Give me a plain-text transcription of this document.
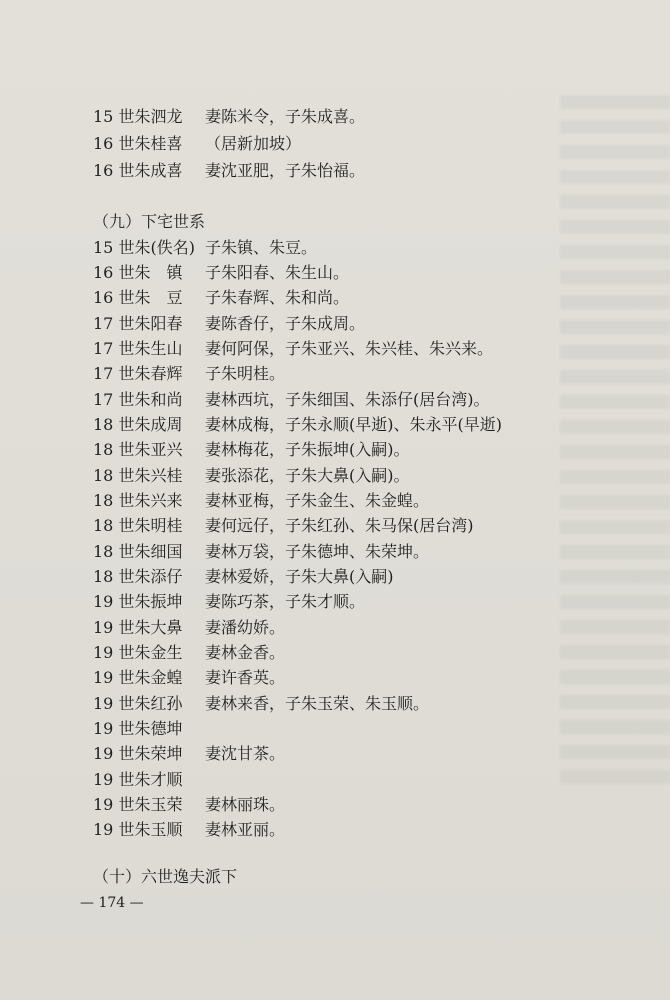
15 世朱泗龙 妻陈米令，子朱成喜。
16 世朱桂喜 （居新加坡）
16 世朱成喜 妻沈亚肥，子朱怡福。
（九）下宅世系
15 世朱(佚名) 子朱镇、朱豆。
16 世朱　镇 子朱阳春、朱生山。
16 世朱　豆 子朱春辉、朱和尚。
17 世朱阳春 妻陈香仔，子朱成周。
17 世朱生山 妻何阿保，子朱亚兴、朱兴桂、朱兴来。
17 世朱春辉 子朱明桂。
17 世朱和尚 妻林西坑，子朱细国、朱添仔(居台湾)。
18 世朱成周 妻林成梅，子朱永顺(早逝)、朱永平(早逝)
18 世朱亚兴 妻林梅花，子朱振坤(入嗣)。
18 世朱兴桂 妻张添花，子朱大鼻(入嗣)。
18 世朱兴来 妻林亚梅，子朱金生、朱金蝗。
18 世朱明桂 妻何远仔，子朱红孙、朱马保(居台湾)
18 世朱细国 妻林万袋，子朱德坤、朱荣坤。
18 世朱添仔 妻林爱娇，子朱大鼻(入嗣)
19 世朱振坤 妻陈巧茶，子朱才顺。
19 世朱大鼻 妻潘幼娇。
19 世朱金生 妻林金香。
19 世朱金蝗 妻许香英。
19 世朱红孙 妻林来香，子朱玉荣、朱玉顺。
19 世朱德坤
19 世朱荣坤 妻沈甘茶。
19 世朱才顺
19 世朱玉荣 妻林丽珠。
19 世朱玉顺 妻林亚丽。
（十）六世逸夫派下
— 174 —
